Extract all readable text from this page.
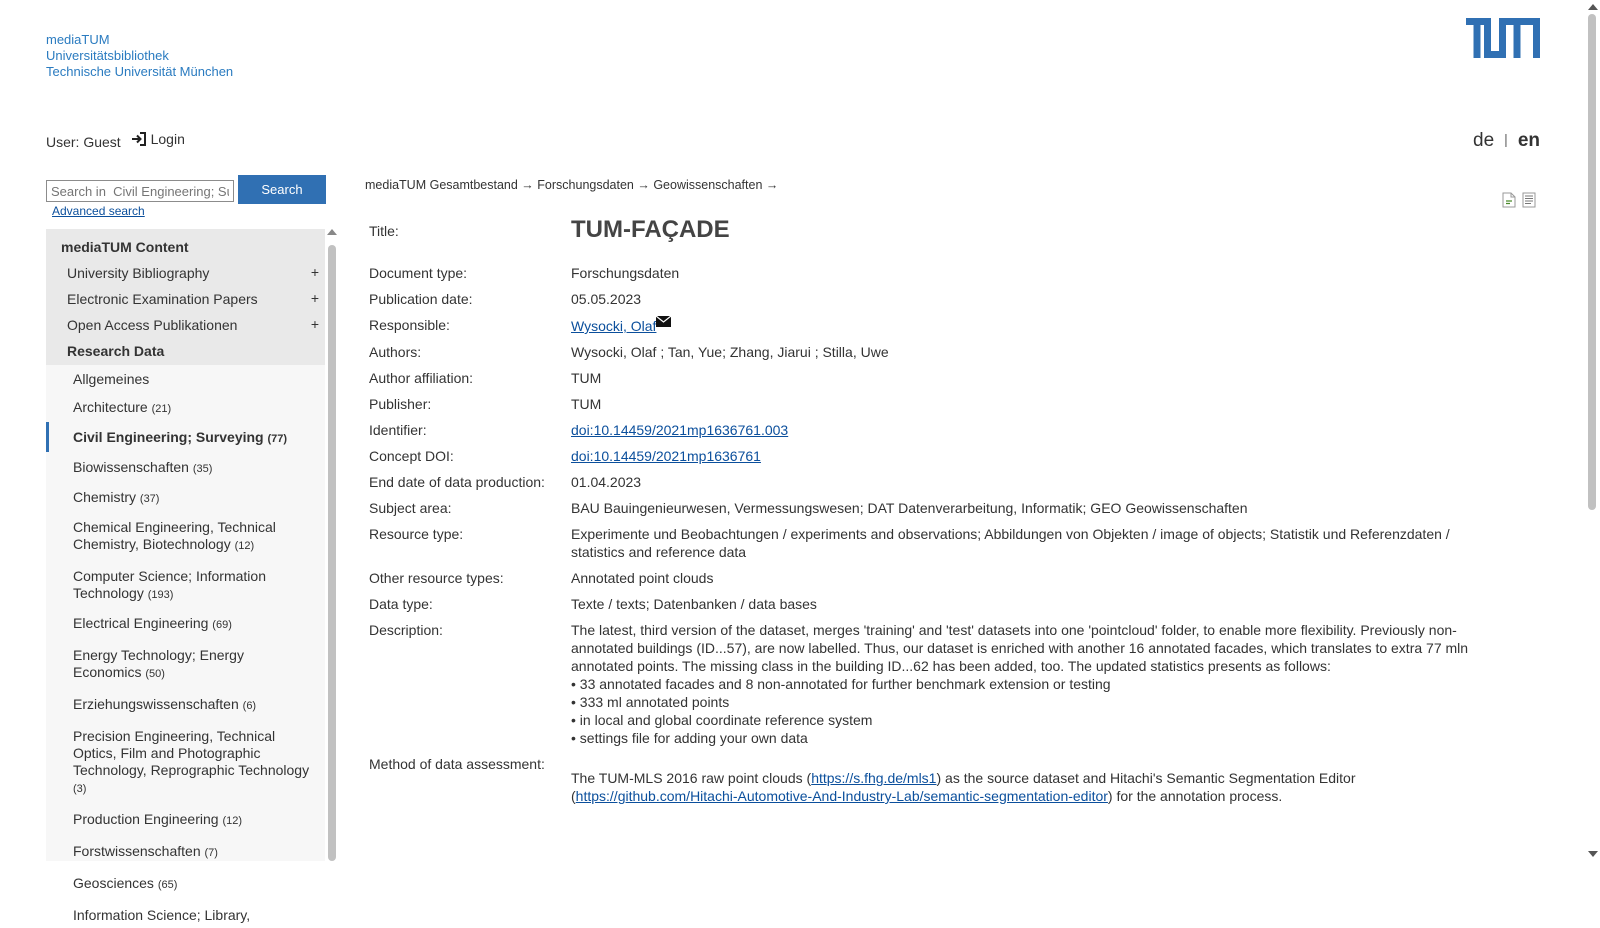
mediaTUM
Universitätsbibliothek
Technische Universität München
User: Guest Login	de | en
Search in Civil Engineering; Surveying
Search
Advanced search
mediaTUM Content
University Bibliography	+
Electronic Examination Papers	+
Open Access Publikationen	+
Research Data
Allgemeines
Architecture (21)
Civil Engineering; Surveying (77)
Biowissenschaften (35)
Chemistry (37)
Chemical Engineering, Technical Chemistry, Biotechnology (12)
Computer Science; Information Technology (193)
Electrical Engineering (69)
Energy Technology; Energy Economics (50)
Erziehungswissenschaften (6)
Precision Engineering, Technical Optics, Film and Photographic Technology, Reprographic Technology (3)
Production Engineering (12)
Forstwissenschaften (7)
Geosciences (65)
Information Science; Library,
mediaTUM Gesamtbestand → Forschungsdaten → Geowissenschaften →
Title:	TUM-FAÇADE
Document type:	Forschungsdaten
Publication date:	05.05.2023
Responsible:	Wysocki, Olaf
Authors:	Wysocki, Olaf ; Tan, Yue; Zhang, Jiarui ; Stilla, Uwe
Author affiliation:	TUM
Publisher:	TUM
Identifier:	doi:10.14459/2021mp1636761.003
Concept DOI:	doi:10.14459/2021mp1636761
End date of data production:	01.04.2023
Subject area:	BAU Bauingenieurwesen, Vermessungswesen; DAT Datenverarbeitung, Informatik; GEO Geowissenschaften
Resource type:	Experimente und Beobachtungen / experiments and observations; Abbildungen von Objekten / image of objects; Statistik und Referenzdaten / statistics and reference data
Other resource types:	Annotated point clouds
Data type:	Texte / texts; Datenbanken / data bases
Description:	The latest, third version of the dataset, merges 'training' and 'test' datasets into one 'pointcloud' folder, to enable more flexibility. Previously non-annotated buildings (ID...57), are now labelled. Thus, our dataset is enriched with another 16 annotated facades, which translates to extra 77 mln annotated points. The missing class in the building ID...62 has been added, too. The updated statistics presents as follows:
• 33 annotated facades and 8 non-annotated for further benchmark extension or testing
• 333 ml annotated points
• in local and global coordinate reference system
• settings file for adding your own data
Method of data assessment:
The TUM-MLS 2016 raw point clouds (https://s.fhg.de/mls1) as the source dataset and Hitachi's Semantic Segmentation Editor (https://github.com/Hitachi-Automotive-And-Industry-Lab/semantic-segmentation-editor) for the annotation process.
